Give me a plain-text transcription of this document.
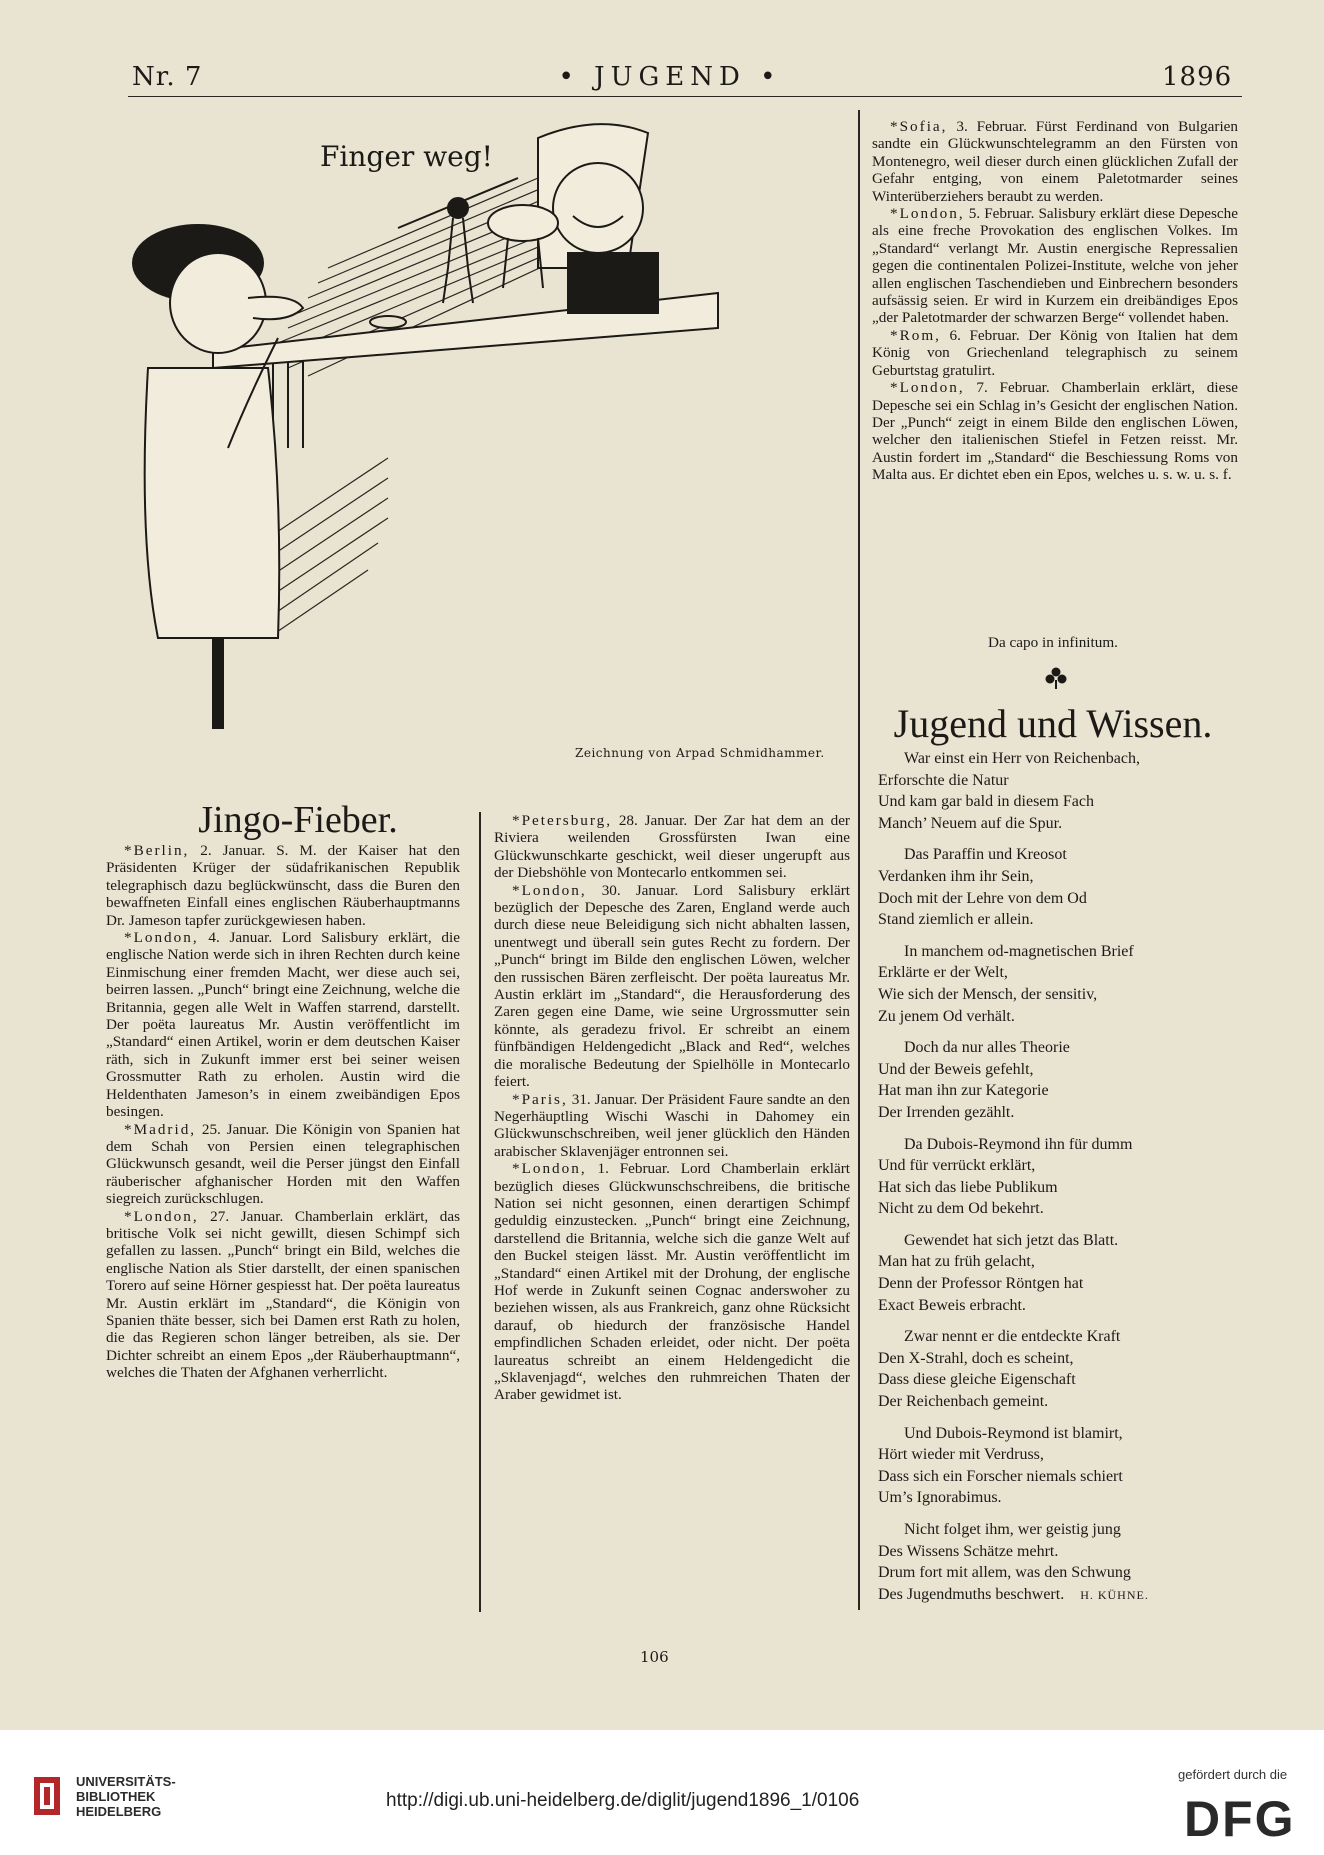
Nr. 7	• JUGEND •	1896
Finger weg!
Zeichnung von Arpad Schmidhammer.
Jingo-Fieber.

*Berlin, 2. Januar. S. M. der Kaiser hat den Präsidenten Krüger der südafrikanischen Republik telegraphisch dazu beglückwünscht, dass die Buren den bewaffneten Einfall eines englischen Räuberhauptmanns Dr. Jameson tapfer zurückgewiesen haben.

*London, 4. Januar. Lord Salisbury erklärt, die englische Nation werde sich in ihren Rechten durch keine Einmischung einer fremden Macht, wer diese auch sei, beirren lassen. „Punch“ bringt eine Zeichnung, welche die Britannia, gegen alle Welt in Waffen starrend, darstellt. Der poëta laureatus Mr. Austin veröffentlicht im „Standard“ einen Artikel, worin er dem deutschen Kaiser räth, sich in Zukunft immer erst bei seiner weisen Grossmutter Rath zu erholen. Austin wird die Heldenthaten Jameson’s in einem zweibändigen Epos besingen.

*Madrid, 25. Januar. Die Königin von Spanien hat dem Schah von Persien einen telegraphischen Glückwunsch gesandt, weil die Perser jüngst den Einfall räuberischer afghanischer Horden mit den Waffen siegreich zurückschlugen.

*London, 27. Januar. Chamberlain erklärt, das britische Volk sei nicht gewillt, diesen Schimpf sich gefallen zu lassen. „Punch“ bringt ein Bild, welches die englische Nation als Stier darstellt, der einen spanischen Torero auf seine Hörner gespiesst hat. Der poëta laureatus Mr. Austin erklärt im „Standard“, die Königin von Spanien thäte besser, sich bei Damen erst Rath zu holen, die das Regieren schon länger betreiben, als sie. Der Dichter schreibt an einem Epos „der Räuberhauptmann“, welches die Thaten der Afghanen verherrlicht.

*Petersburg, 28. Januar. Der Zar hat dem an der Riviera weilenden Grossfürsten Iwan eine Glückwunschkarte geschickt, weil dieser ungerupft aus der Diebshöhle von Montecarlo entkommen sei.

*London, 30. Januar. Lord Salisbury erklärt bezüglich der Depesche des Zaren, England werde auch durch diese neue Beleidigung sich nicht abhalten lassen, unentwegt und überall sein gutes Recht zu fordern. Der „Punch“ bringt im Bilde den englischen Löwen, welcher den russischen Bären zerfleischt. Der poëta laureatus Mr. Austin erklärt im „Standard“, die Herausforderung des Zaren gegen eine Dame, wie seine Urgrossmutter sein könnte, als geradezu frivol. Er schreibt an einem fünfbändigen Heldengedicht „Black and Red“, welches die moralische Bedeutung der Spielhölle in Montecarlo feiert.

*Paris, 31. Januar. Der Präsident Faure sandte an den Negerhäuptling Wischi Waschi in Dahomey ein Glückwunschschreiben, weil jener glücklich den Händen arabischer Sklavenjäger entronnen sei.

*London, 1. Februar. Lord Chamberlain erklärt bezüglich dieses Glückwunschschreibens, die britische Nation sei nicht gesonnen, einen derartigen Schimpf geduldig einzustecken. „Punch“ bringt eine Zeichnung, darstellend die Britannia, welche sich die ganze Welt auf den Buckel steigen lässt. Mr. Austin veröffentlicht im „Standard“ einen Artikel mit der Drohung, der englische Hof werde in Zukunft seinen Cognac anderswoher zu beziehen wissen, als aus Frankreich, ganz ohne Rücksicht darauf, ob hiedurch der französische Handel empfindlichen Schaden erleidet, oder nicht. Der poëta laureatus schreibt an einem Heldengedicht die „Sklavenjagd“, welches den ruhmreichen Thaten der Araber gewidmet ist.

*Sofia, 3. Februar. Fürst Ferdinand von Bulgarien sandte ein Glückwunschtelegramm an den Fürsten von Montenegro, weil dieser durch einen glücklichen Zufall der Gefahr entging, von einem Paletotmarder seines Winterüberziehers beraubt zu werden.

*London, 5. Februar. Salisbury erklärt diese Depesche als eine freche Provokation des englischen Volkes. Im „Standard“ verlangt Mr. Austin energische Repressalien gegen die continentalen Polizei-Institute, welche von jeher allen englischen Taschendieben und Einbrechern besonders aufsässig seien. Er wird in Kurzem ein dreibändiges Epos „der Paletotmarder der schwarzen Berge“ vollendet haben.

*Rom, 6. Februar. Der König von Italien hat dem König von Griechenland telegraphisch zu seinem Geburtstag gratulirt.

*London, 7. Februar. Chamberlain erklärt, diese Depesche sei ein Schlag in’s Gesicht der englischen Nation. Der „Punch“ zeigt in einem Bilde den englischen Löwen, welcher den italienischen Stiefel in Fetzen reisst. Mr. Austin fordert im „Standard“ die Beschiessung Roms von Malta aus. Er dichtet eben ein Epos, welches u. s. w. u. s. f.

Da capo in infinitum.
Jugend und Wissen.
War einst ein Herr von Reichenbach,
Erforschte die Natur
Und kam gar bald in diesem Fach
Manch’ Neuem auf die Spur.
Das Paraffin und Kreosot
Verdanken ihm ihr Sein,
Doch mit der Lehre von dem Od
Stand ziemlich er allein.
In manchem od-magnetischen Brief
Erklärte er der Welt,
Wie sich der Mensch, der sensitiv,
Zu jenem Od verhält.
Doch da nur alles Theorie
Und der Beweis gefehlt,
Hat man ihn zur Kategorie
Der Irrenden gezählt.
Da Dubois-Reymond ihn für dumm
Und für verrückt erklärt,
Hat sich das liebe Publikum
Nicht zu dem Od bekehrt.
Gewendet hat sich jetzt das Blatt.
Man hat zu früh gelacht,
Denn der Professor Röntgen hat
Exact Beweis erbracht.
Zwar nennt er die entdeckte Kraft
Den X-Strahl, doch es scheint,
Dass diese gleiche Eigenschaft
Der Reichenbach gemeint.
Und Dubois-Reymond ist blamirt,
Hört wieder mit Verdruss,
Dass sich ein Forscher niemals schiert
Um’s Ignorabimus.
Nicht folget ihm, wer geistig jung
Des Wissens Schätze mehrt.
Drum fort mit allem, was den Schwung
Des Jugendmuths beschwert. H. KÜHNE.
106
UNIVERSITÄTS-
BIBLIOTHEK
HEIDELBERG
http://digi.ub.uni-heidelberg.de/diglit/jugend1896_1/0106
gefördert durch die
DFG
